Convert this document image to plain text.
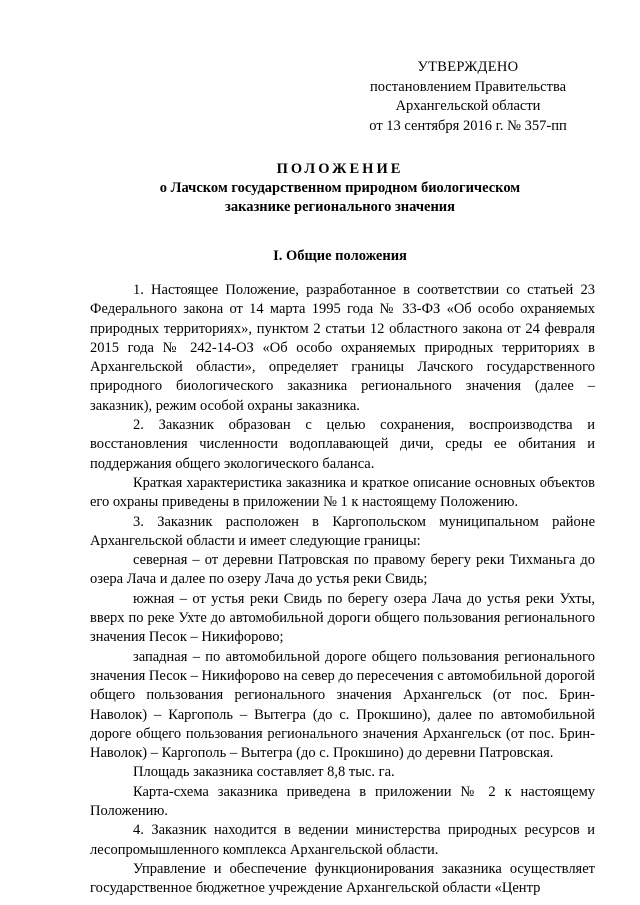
УТВЕРЖДЕНО
постановлением Правительства
Архангельской области
от 13 сентября 2016 г. № 357-пп
ПОЛОЖЕНИЕ
о Лачском государственном природном биологическом
заказнике регионального значения
I. Общие положения

1. Настоящее Положение, разработанное в соответствии со статьей 23 Федерального закона от 14 марта 1995 года № 33-ФЗ «Об особо охраняемых природных территориях», пунктом 2 статьи 12 областного закона от 24 февраля 2015 года № 242-14-ОЗ «Об особо охраняемых природных территориях в Архангельской области», определяет границы Лачского государственного природного биологического заказника регионального значения (далее – заказник), режим особой охраны заказника.

2. Заказник образован с целью сохранения, воспроизводства и восстановления численности водоплавающей дичи, среды ее обитания и поддержания общего экологического баланса.

Краткая характеристика заказника и краткое описание основных объектов его охраны приведены в приложении № 1 к настоящему Положению.

3. Заказник расположен в Каргопольском муниципальном районе Архангельской области и имеет следующие границы:

северная – от деревни Патровская по правому берегу реки Тихманьга до озера Лача и далее по озеру Лача до устья реки Свидь;

южная – от устья реки Свидь по берегу озера Лача до устья реки Ухты, вверх по реке Ухте до автомобильной дороги общего пользования регионального значения Песок – Никифорово;

западная – по автомобильной дороге общего пользования регионального значения Песок – Никифорово на север до пересечения с автомобильной дорогой общего пользования регионального значения Архангельск (от пос. Брин-Наволок) – Каргополь – Вытегра (до с. Прокшино), далее по автомобильной дороге общего пользования регионального значения Архангельск (от пос. Брин-Наволок) – Каргополь – Вытегра (до с. Прокшино) до деревни Патровская.

Площадь заказника составляет 8,8 тыс. га.

Карта-схема заказника приведена в приложении № 2 к настоящему Положению.

4. Заказник находится в ведении министерства природных ресурсов и лесопромышленного комплекса Архангельской области.

Управление и обеспечение функционирования заказника осуществляет государственное бюджетное учреждение Архангельской области «Центр
